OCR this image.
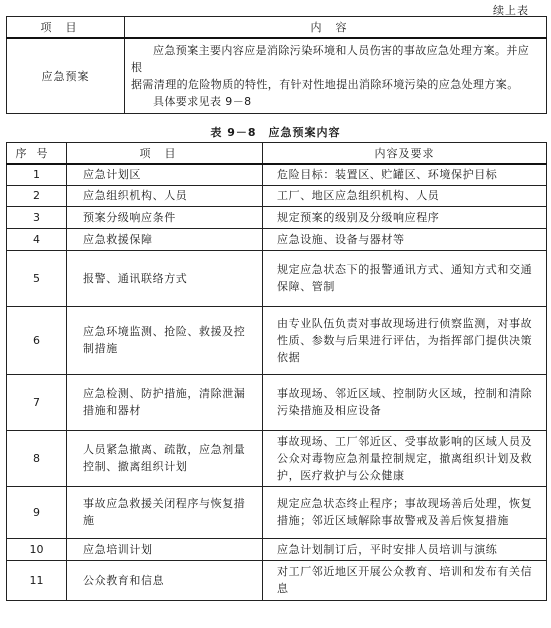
续上表
项目	内容
应急预案	应急预案主要内容应是消除污染环境和人员伤害的事故应急处理方案。并应根
据需清理的危险物质的特性，有针对性地提出消除环境污染的应急处理方案。
具体要求见表 9－8
表 9－8　应急预案内容
序号	项目	内容及要求
1	应急计划区	危险目标：装置区、贮罐区、环境保护目标
2	应急组织机构、人员	工厂、地区应急组织机构、人员
3	预案分级响应条件	规定预案的级别及分级响应程序
4	应急救援保障	应急设施、设备与器材等
5	报警、通讯联络方式	规定应急状态下的报警通讯方式、通知方式和交通保障、管制
6	应急环境监测、抢险、救援及控制措施	由专业队伍负责对事故现场进行侦察监测，对事故性质、参数与后果进行评估，为指挥部门提供决策依据
7	应急检测、防护措施，清除泄漏措施和器材	事故现场、邻近区域、控制防火区域，控制和清除污染措施及相应设备
8	人员紧急撤离、疏散，应急剂量控制、撤离组织计划	事故现场、工厂邻近区、受事故影响的区域人员及公众对毒物应急剂量控制规定，撤离组织计划及救护，医疗救护与公众健康
9	事故应急救援关闭程序与恢复措施	规定应急状态终止程序；事故现场善后处理，恢复措施；邻近区域解除事故警戒及善后恢复措施
10	应急培训计划	应急计划制订后，平时安排人员培训与演练
11	公众教育和信息	对工厂邻近地区开展公众教育、培训和发布有关信息
